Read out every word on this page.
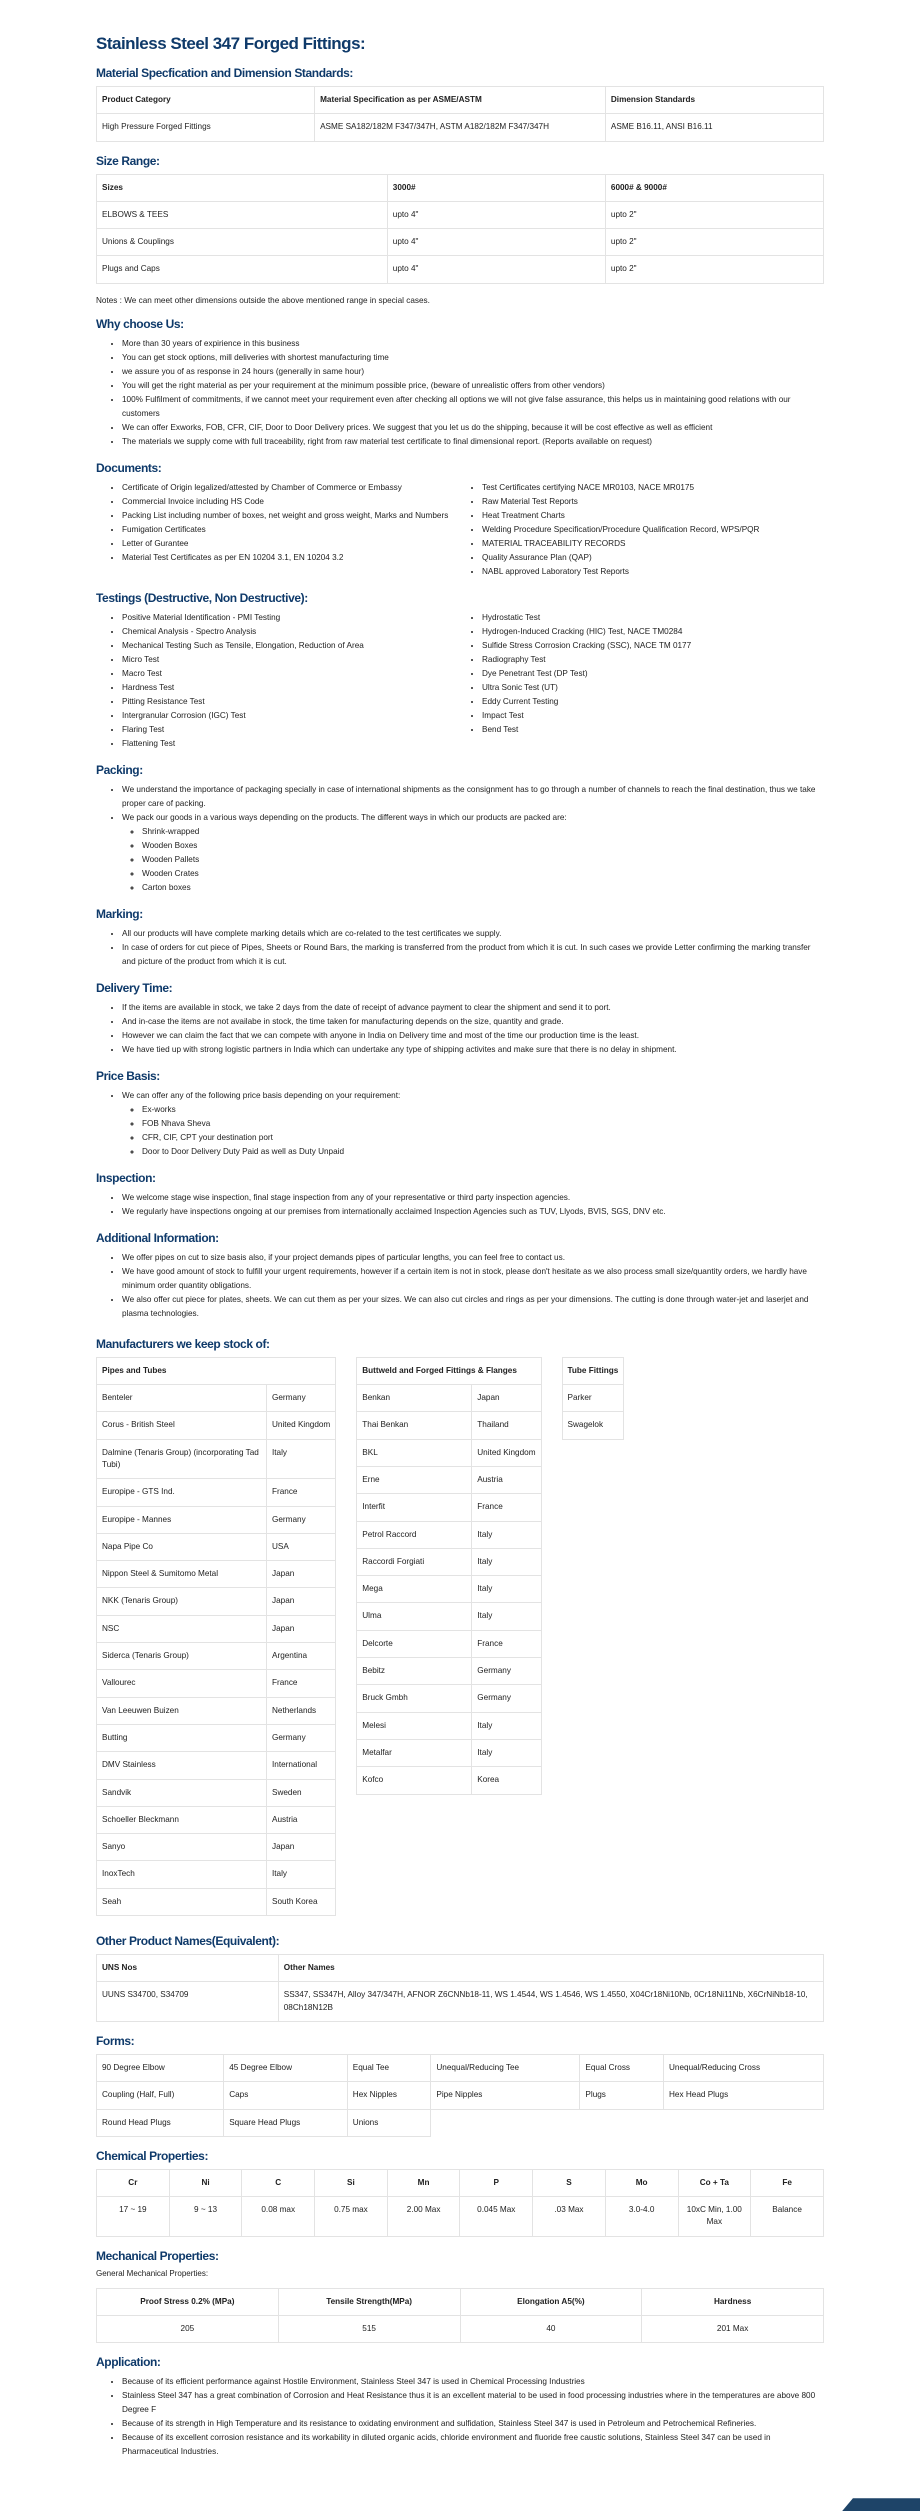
Stainless Steel 347 Forged Fittings:
Material Specfication and Dimension Standards:
Product Category	Material Specification as per ASME/ASTM	Dimension Standards
High Pressure Forged Fittings	ASME SA182/182M F347/347H, ASTM A182/182M F347/347H	ASME B16.11, ANSI B16.11
Size Range:
Sizes	3000#	6000# & 9000#
ELBOWS & TEES	upto 4"	upto 2"
Unions & Couplings	upto 4"	upto 2"
Plugs and Caps	upto 4"	upto 2"

Notes : We can meet other dimensions outside the above mentioned range in special cases.

Why choose Us:
• More than 30 years of expirience in this business
• You can get stock options, mill deliveries with shortest manufacturing time
• we assure you of as response in 24 hours (generally in same hour)
• You will get the right material as per your requirement at the minimum possible price, (beware of unrealistic offers from other vendors)
• 100% Fulfilment of commitments, if we cannot meet your requirement even after checking all options we will not give false assurance, this helps us in maintaining good relations with our customers
• We can offer Exworks, FOB, CFR, CIF, Door to Door Delivery prices. We suggest that you let us do the shipping, because it will be cost effective as well as efficient
• The materials we supply come with full traceability, right from raw material test certificate to final dimensional report. (Reports available on request)
Documents:
• Certificate of Origin legalized/attested by Chamber of Commerce or Embassy
• Commercial Invoice including HS Code
• Packing List including number of boxes, net weight and gross weight, Marks and Numbers
• Fumigation Certificates
• Letter of Gurantee
• Material Test Certificates as per EN 10204 3.1, EN 10204 3.2
• Test Certificates certifying NACE MR0103, NACE MR0175
• Raw Material Test Reports
• Heat Treatment Charts
• Welding Procedure Specification/Procedure Qualification Record, WPS/PQR
• MATERIAL TRACEABILITY RECORDS
• Quality Assurance Plan (QAP)
• NABL approved Laboratory Test Reports
Testings (Destructive, Non Destructive):
• Positive Material Identification - PMI Testing
• Chemical Analysis - Spectro Analysis
• Mechanical Testing Such as Tensile, Elongation, Reduction of Area
• Micro Test
• Macro Test
• Hardness Test
• Pitting Resistance Test
• Intergranular Corrosion (IGC) Test
• Flaring Test
• Flattening Test
• Hydrostatic Test
• Hydrogen-Induced Cracking (HIC) Test, NACE TM0284
• Sulfide Stress Corrosion Cracking (SSC), NACE TM 0177
• Radiography Test
• Dye Penetrant Test (DP Test)
• Ultra Sonic Test (UT)
• Eddy Current Testing
• Impact Test
• Bend Test
Packing:
• We understand the importance of packaging specially in case of international shipments as the consignment has to go through a number of channels to reach the final destination, thus we take proper care of packing.
• We pack our goods in a various ways depending on the products. The different ways in which our products are packed are:
◦ Shrink-wrapped
◦ Wooden Boxes
◦ Wooden Pallets
◦ Wooden Crates
◦ Carton boxes
Marking:
• All our products will have complete marking details which are co-related to the test certificates we supply.
• In case of orders for cut piece of Pipes, Sheets or Round Bars, the marking is transferred from the product from which it is cut. In such cases we provide Letter confirming the marking transfer and picture of the product from which it is cut.
Delivery Time:
• If the items are available in stock, we take 2 days from the date of receipt of advance payment to clear the shipment and send it to port.
• And in-case the items are not availabe in stock, the time taken for manufacturing depends on the size, quantity and grade.
• However we can claim the fact that we can compete with anyone in India on Delivery time and most of the time our production time is the least.
• We have tied up with strong logistic partners in India which can undertake any type of shipping activites and make sure that there is no delay in shipment.
Price Basis:
• We can offer any of the following price basis depending on your requirement:
◦ Ex-works
◦ FOB Nhava Sheva
◦ CFR, CIF, CPT your destination port
◦ Door to Door Delivery Duty Paid as well as Duty Unpaid
Inspection:
• We welcome stage wise inspection, final stage inspection from any of your representative or third party inspection agencies.
• We regularly have inspections ongoing at our premises from internationally acclaimed Inspection Agencies such as TUV, Llyods, BVIS, SGS, DNV etc.
Additional Information:
• We offer pipes on cut to size basis also, if your project demands pipes of particular lengths, you can feel free to contact us.
• We have good amount of stock to fulfill your urgent requirements, however if a certain item is not in stock, please don't hesitate as we also process small size/quantity orders, we hardly have minimum order quantity obligations.
• We also offer cut piece for plates, sheets. We can cut them as per your sizes. We can also cut circles and rings as per your dimensions. The cutting is done through water-jet and laserjet and plasma technologies.
Manufacturers we keep stock of:
Pipes and Tubes	
Benteler	Germany
Corus - British Steel	United Kingdom
Dalmine (Tenaris Group) (incorporating Tad Tubi)	Italy
Europipe - GTS Ind.	France
Europipe - Mannes	Germany
Napa Pipe Co	USA
Nippon Steel & Sumitomo Metal	Japan
NKK (Tenaris Group)	Japan
NSC	Japan
Siderca (Tenaris Group)	Argentina
Vallourec	France
Van Leeuwen Buizen	Netherlands
Butting	Germany
DMV Stainless	International
Sandvik	Sweden
Schoeller Bleckmann	Austria
Sanyo	Japan
InoxTech	Italy
Seah	South Korea
Buttweld and Forged Fittings & Flanges	
Benkan	Japan
Thai Benkan	Thailand
BKL	United Kingdom
Erne	Austria
Interfit	France
Petrol Raccord	Italy
Raccordi Forgiati	Italy
Mega	Italy
Ulma	Italy
Delcorte	France
Bebitz	Germany
Bruck Gmbh	Germany
Melesi	Italy
Metalfar	Italy
Kofco	Korea
Tube Fittings
Parker
Swagelok
Other Product Names(Equivalent):
UNS Nos	Other Names
UUNS S34700, S34709	SS347, SS347H, Alloy 347/347H, AFNOR Z6CNNb18-11, WS 1.4544, WS 1.4546, WS 1.4550, X04Cr18Ni10Nb, 0Cr18Ni11Nb, X6CrNiNb18-10, 08Ch18N12B
Forms:
90 Degree Elbow	45 Degree Elbow	Equal Tee	Unequal/Reducing Tee	Equal Cross	Unequal/Reducing Cross
Coupling (Half, Full)	Caps	Hex Nipples	Pipe Nipples	Plugs	Hex Head Plugs
Round Head Plugs	Square Head Plugs	Unions			
Chemical Properties:
Cr	Ni	C	Si	Mn	P	S	Mo	Co + Ta	Fe
17 ~ 19	9 ~ 13	0.08 max	0.75 max	2.00 Max	0.045 Max	.03 Max	3.0-4.0	10xC Min, 1.00 Max	Balance
Mechanical Properties:

General Mechanical Properties:

Proof Stress 0.2% (MPa)	Tensile Strength(MPa)	Elongation A5(%)	Hardness
205	515	40	201 Max
Application:
• Because of its efficient performance against Hostile Environment, Stainless Steel 347 is used in Chemical Processing Industries
• Stainless Steel 347 has a great combination of Corrosion and Heat Resistance thus it is an excellent material to be used in food processing industries where in the temperatures are above 800 Degree F
• Because of its strength in High Temperature and its resistance to oxidating environment and sulfidation, Stainless Steel 347 is used in Petroleum and Petrochemical Refineries.
• Because of its excellent corrosion resistance and its workability in diluted organic acids, chloride environment and fluoride free caustic solutions, Stainless Steel 347 can be used in Pharmaceutical Industries.
